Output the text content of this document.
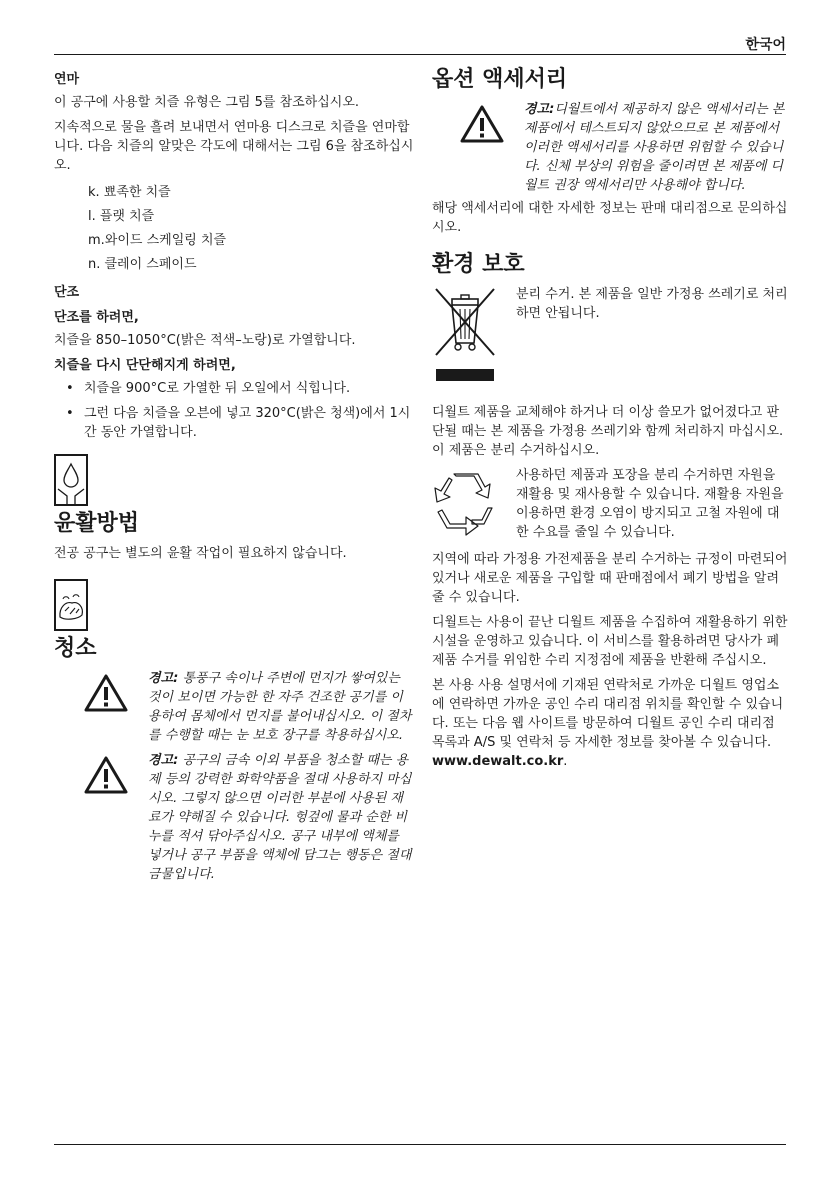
한국어
연마

이 공구에 사용할 치즐 유형은 그림 5를 참조하십시오.

지속적으로 물을 흘려 보내면서 연마용 디스크로 치즐을 연마합니다. 다음 치즐의 알맞은 각도에 대해서는 그림 6을 참조하십시오.

k. 뾰족한 치즐
l. 플랫 치즐
m.와이드 스케일링 치즐
n. 클레이 스페이드
단조
단조를 하려면,

치즐을 850–1050°C(밝은 적색–노랑)로 가열합니다.

치즐을 다시 단단해지게 하려면,
• 치즐을 900°C로 가열한 뒤 오일에서 식힙니다.
• 그런 다음 치즐을 오븐에 넣고 320°C(밝은 청색)에서 1시간 동안 가열합니다.
윤활방법

전공 공구는 별도의 윤활 작업이 필요하지 않습니다.

청소
경고: 통풍구 속이나 주변에 먼지가 쌓여있는 것이 보이면 가능한 한 자주 건조한 공기를 이용하여 몸체에서 먼지를 불어내십시오. 이 절차를 수행할 때는 눈 보호 장구를 착용하십시오.
경고: 공구의 금속 이외 부품을 청소할 때는 용제 등의 강력한 화학약품을 절대 사용하지 마십시오. 그렇지 않으면 이러한 부분에 사용된 재료가 약해질 수 있습니다. 헝겊에 물과 순한 비누를 적셔 닦아주십시오. 공구 내부에 액체를 넣거나 공구 부품을 액체에 담그는 행동은 절대 금물입니다.
옵션 액세서리
경고:디월트에서 제공하지 않은 액세서리는 본 제품에서 테스트되지 않았으므로 본 제품에서 이러한 액세서리를 사용하면 위험할 수 있습니다. 신체 부상의 위험을 줄이려면 본 제품에 디월트 권장 액세서리만 사용해야 합니다.

해당 액세서리에 대한 자세한 정보는 판매 대리점으로 문의하십시오.

환경 보호
분리 수거. 본 제품을 일반 가정용 쓰레기로 처리하면 안됩니다.

디월트 제품을 교체해야 하거나 더 이상 쓸모가 없어졌다고 판단될 때는 본 제품을 가정용 쓰레기와 함께 처리하지 마십시오. 이 제품은 분리 수거하십시오.

사용하던 제품과 포장을 분리 수거하면 자원을 재활용 및 재사용할 수 있습니다. 재활용 자원을 이용하면 환경 오염이 방지되고 고철 자원에 대한 수요를 줄일 수 있습니다.

지역에 따라 가정용 가전제품을 분리 수거하는 규정이 마련되어 있거나 새로운 제품을 구입할 때 판매점에서 폐기 방법을 알려줄 수 있습니다.

디월트는 사용이 끝난 디월트 제품을 수집하여 재활용하기 위한 시설을 운영하고 있습니다. 이 서비스를 활용하려면 당사가 폐제품 수거를 위임한 수리 지정점에 제품을 반환해 주십시오.

본 사용 사용 설명서에 기재된 연락처로 가까운 디월트 영업소에 연락하면 가까운 공인 수리 대리점 위치를 확인할 수 있습니다. 또는 다음 웹 사이트를 방문하여 디월트 공인 수리 대리점 목록과 A/S 및 연락처 등 자세한 정보를 찾아볼 수 있습니다. www.dewalt.co.kr.
